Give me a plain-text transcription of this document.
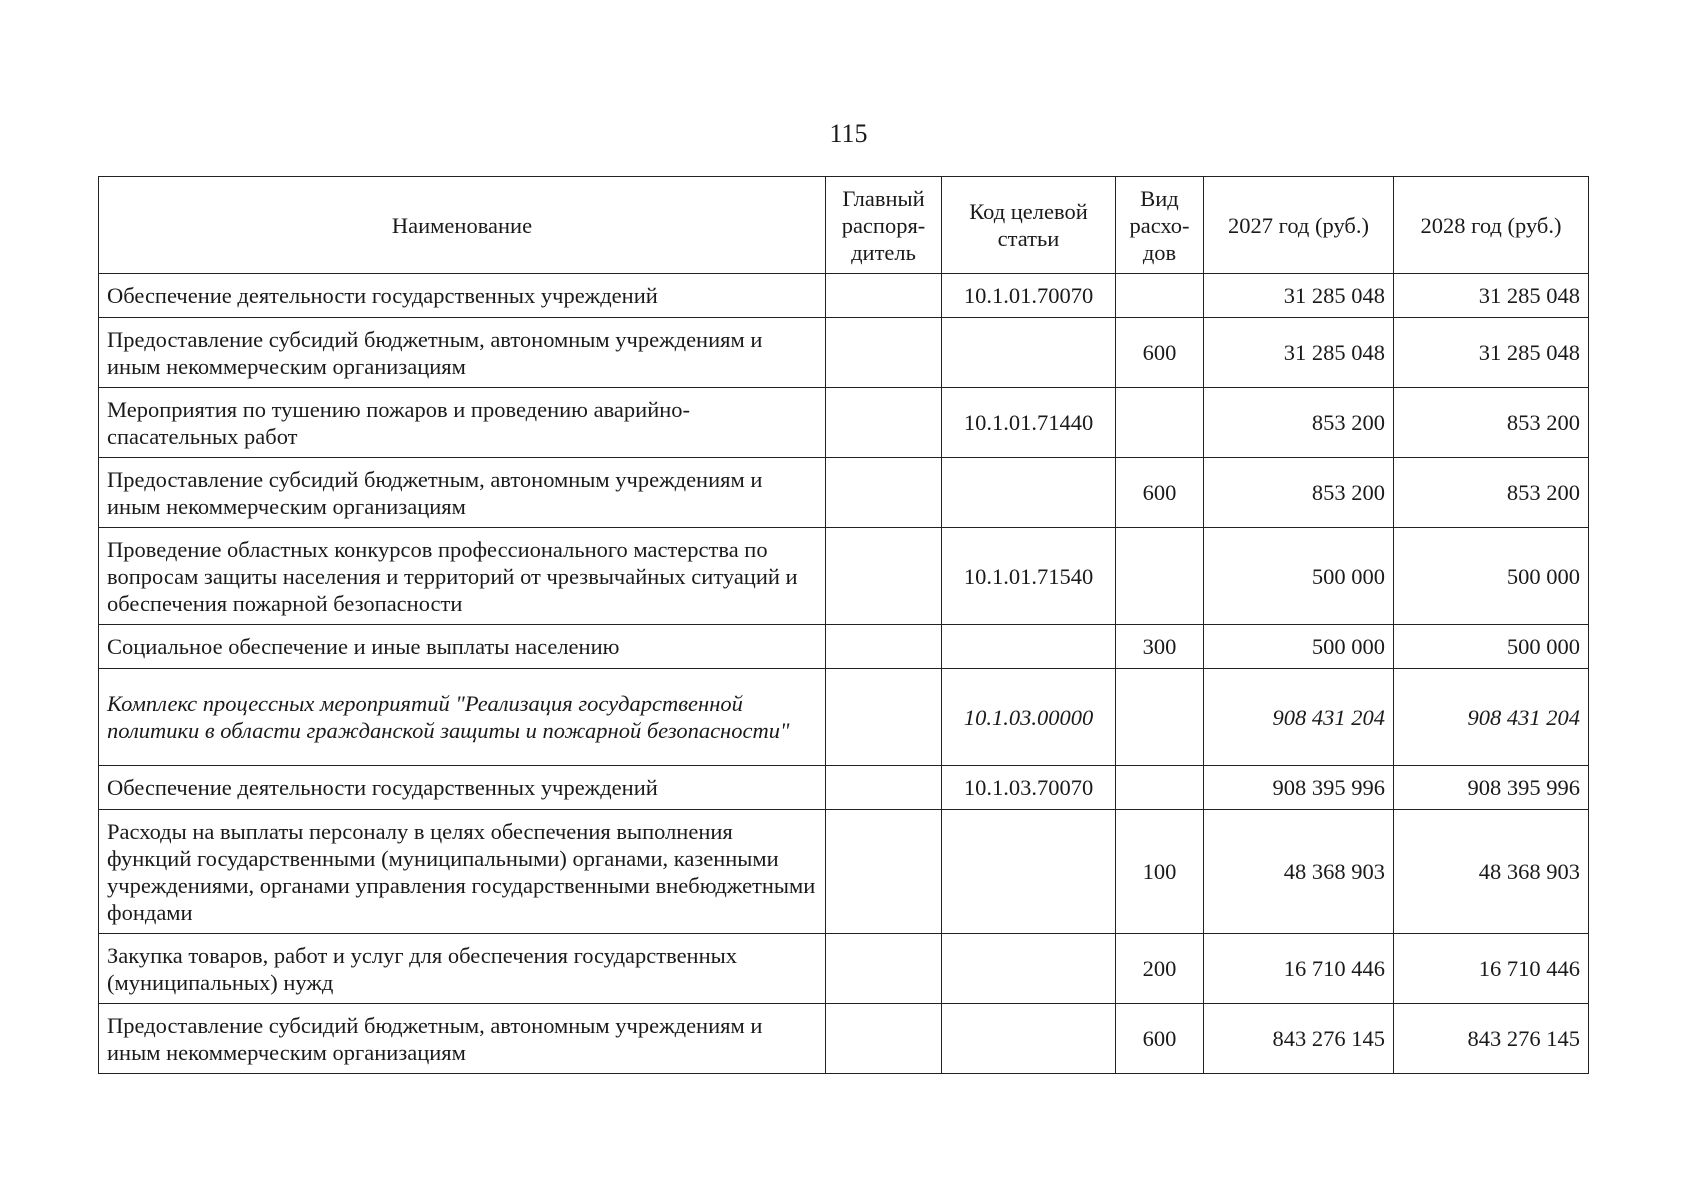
115
Наименование	Главный распоря-дитель	Код целевой статьи	Вид расхо-дов	2027 год (руб.)	2028 год (руб.)
Обеспечение деятельности государственных учреждений		10.1.01.70070		31 285 048	31 285 048
Предоставление субсидий бюджетным, автономным учреждениям и иным некоммерческим организациям			600	31 285 048	31 285 048
Мероприятия по тушению пожаров и проведению аварийно-спасательных работ		10.1.01.71440		853 200	853 200
Предоставление субсидий бюджетным, автономным учреждениям и иным некоммерческим организациям			600	853 200	853 200
Проведение областных конкурсов профессионального мастерства по вопросам защиты населения и территорий от чрезвычайных ситуаций и обеспечения пожарной безопасности		10.1.01.71540		500 000	500 000
Социальное обеспечение и иные выплаты населению			300	500 000	500 000
Комплекс процессных мероприятий "Реализация государственной политики в области гражданской защиты и пожарной безопасности"		10.1.03.00000		908 431 204	908 431 204
Обеспечение деятельности государственных учреждений		10.1.03.70070		908 395 996	908 395 996
Расходы на выплаты персоналу в целях обеспечения выполнения функций государственными (муниципальными) органами, казенными учреждениями, органами управления государственными внебюджетными фондами			100	48 368 903	48 368 903
Закупка товаров, работ и услуг для обеспечения государственных (муниципальных) нужд			200	16 710 446	16 710 446
Предоставление субсидий бюджетным, автономным учреждениям и иным некоммерческим организациям			600	843 276 145	843 276 145
